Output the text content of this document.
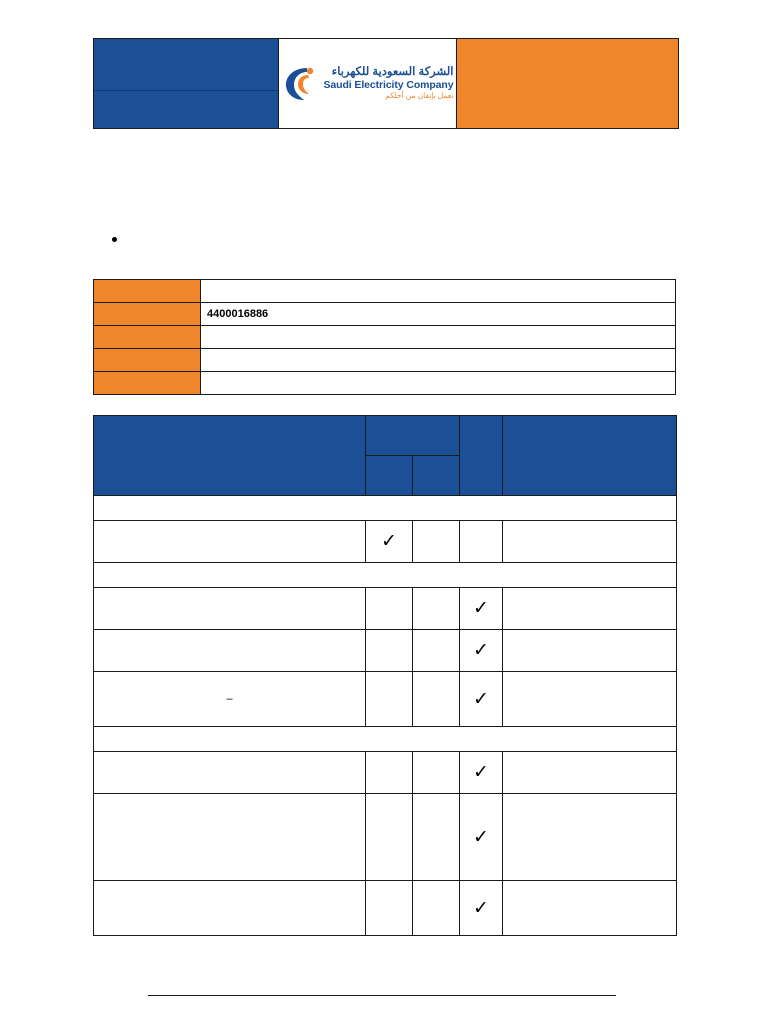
الشركة السعودية للكهرباء
Saudi Electricity Company
نعمل بإتقان من أجلكم

	4400016886

	✓			

			✓	
			✓	
–			✓	

			✓	
			✓	
			✓	
